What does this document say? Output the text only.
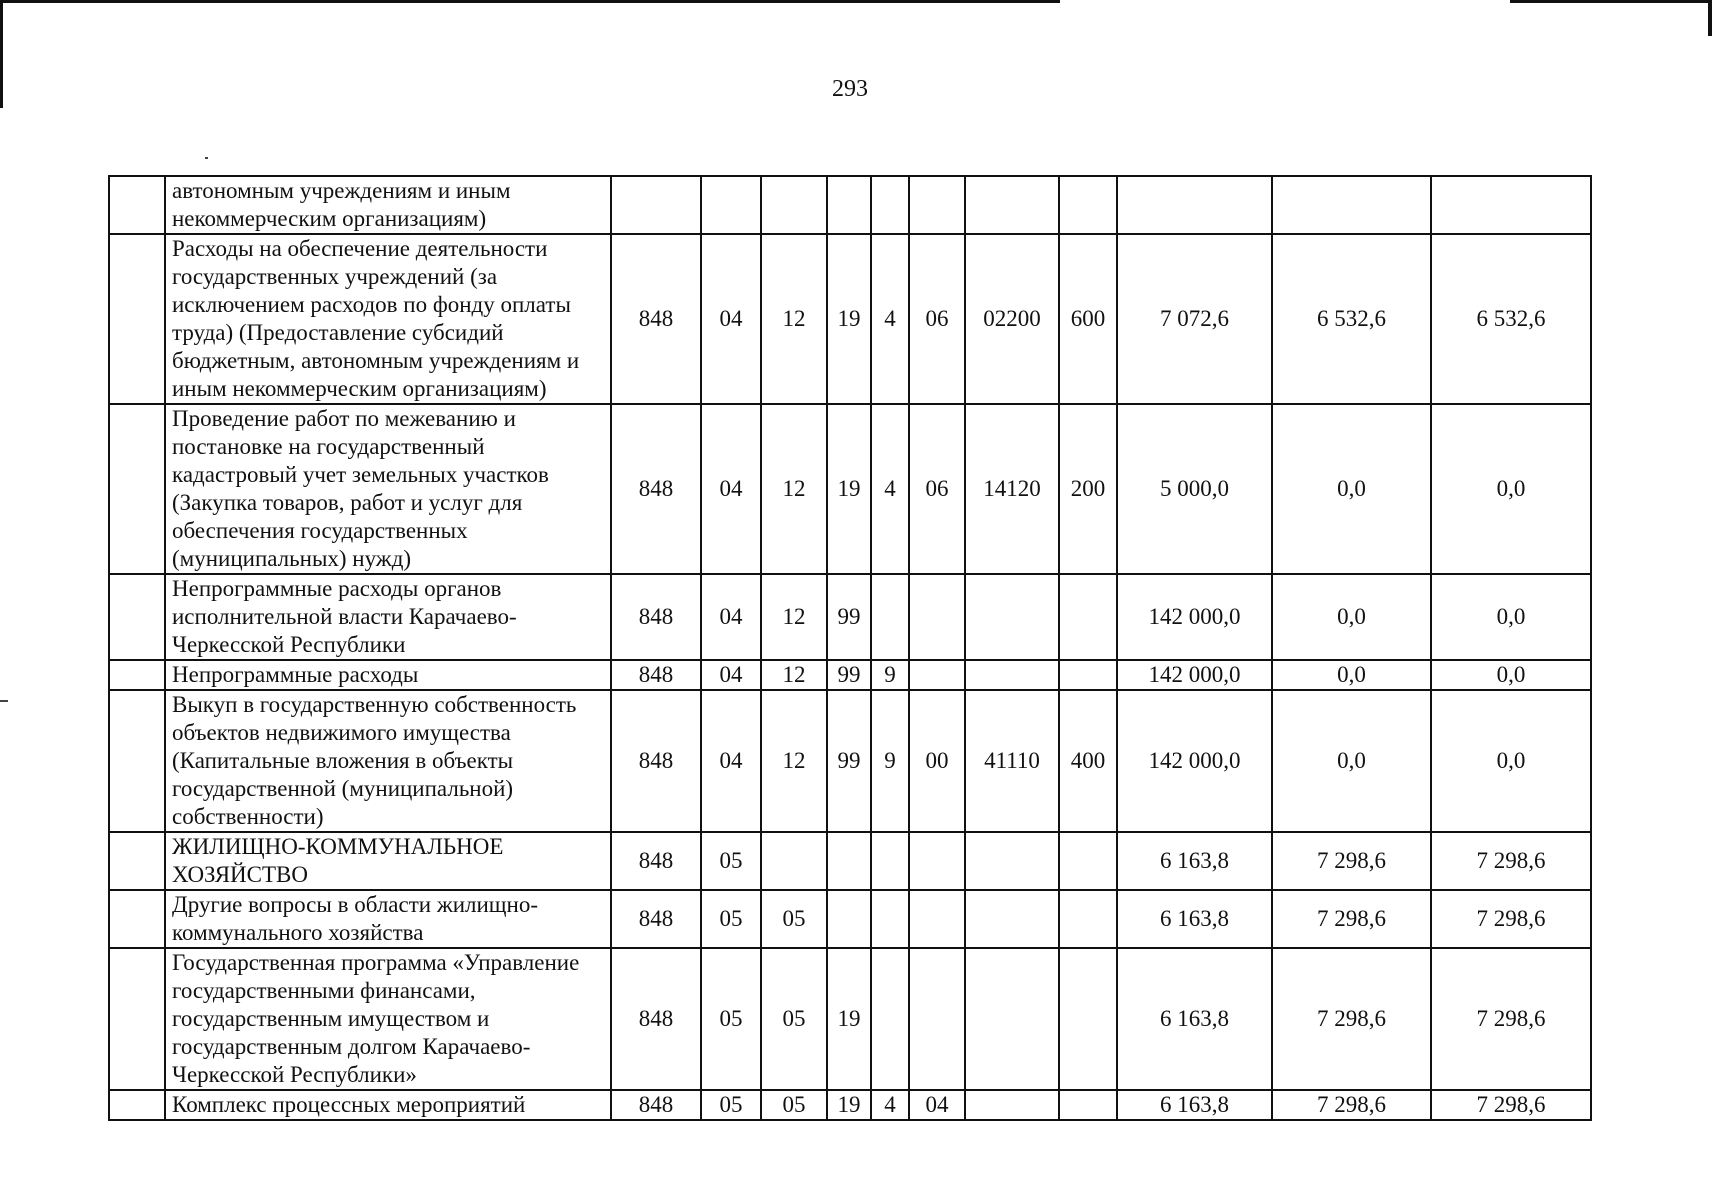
293
	автономным учреждениям и иным некоммерческим организациям)											
	Расходы на обеспечение деятельности государственных учреждений (за исключением расходов по фонду оплаты труда) (Предоставление субсидий бюджетным, автономным учреждениям и иным некоммерческим организациям)	848	04	12	19	4	06	02200	600	7 072,6	6 532,6	6 532,6
	Проведение работ по межеванию и постановке на государственный кадастровый учет земельных участков (Закупка товаров, работ и услуг для обеспечения государственных (муниципальных) нужд)	848	04	12	19	4	06	14120	200	5 000,0	0,0	0,0
	Непрограммные расходы органов исполнительной власти Карачаево-Черкесской Республики	848	04	12	99					142 000,0	0,0	0,0
	Непрограммные расходы	848	04	12	99	9				142 000,0	0,0	0,0
	Выкуп в государственную собственность объектов недвижимого имущества (Капитальные вложения в объекты государственной (муниципальной) собственности)	848	04	12	99	9	00	41110	400	142 000,0	0,0	0,0
	ЖИЛИЩНО-КОММУНАЛЬНОЕ ХОЗЯЙСТВО	848	05							6 163,8	7 298,6	7 298,6
	Другие вопросы в области жилищно-коммунального хозяйства	848	05	05						6 163,8	7 298,6	7 298,6
	Государственная программа «Управление государственными финансами, государственным имуществом и государственным долгом Карачаево-Черкесской Республики»	848	05	05	19					6 163,8	7 298,6	7 298,6
	Комплекс процессных мероприятий	848	05	05	19	4	04			6 163,8	7 298,6	7 298,6
